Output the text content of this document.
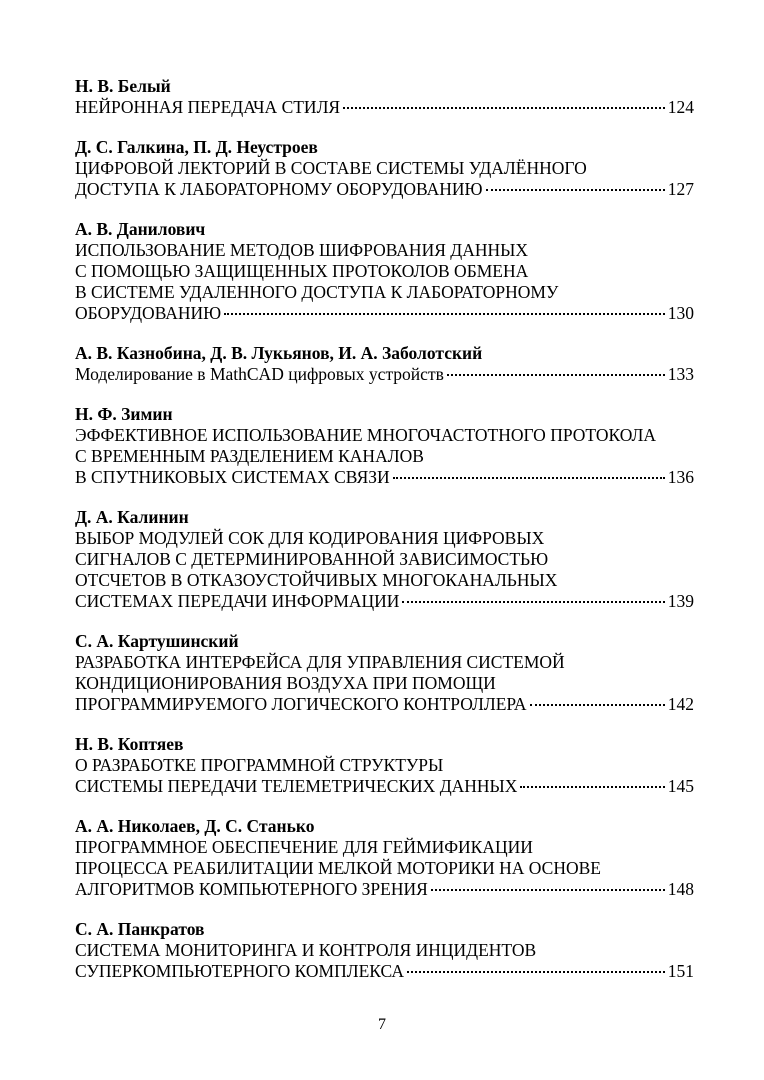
Н. В. Белый
НЕЙРОННАЯ ПЕРЕДАЧА СТИЛЯ	124
Д. С. Галкина, П. Д. Неустроев
ЦИФРОВОЙ ЛЕКТОРИЙ В СОСТАВЕ СИСТЕМЫ УДАЛЁННОГО
ДОСТУПА К ЛАБОРАТОРНОМУ ОБОРУДОВАНИЮ	127
А. В. Данилович
ИСПОЛЬЗОВАНИЕ МЕТОДОВ ШИФРОВАНИЯ ДАННЫХ
С ПОМОЩЬЮ ЗАЩИЩЕННЫХ ПРОТОКОЛОВ ОБМЕНА
В СИСТЕМЕ УДАЛЕННОГО ДОСТУПА К ЛАБОРАТОРНОМУ
ОБОРУДОВАНИЮ	130
А. В. Казнобина, Д. В. Лукьянов, И. А. Заболотский
Моделирование в MathCAD цифровых устройств	133
Н. Ф. Зимин
ЭФФЕКТИВНОЕ ИСПОЛЬЗОВАНИЕ МНОГОЧАСТОТНОГО ПРОТОКОЛА
С ВРЕМЕННЫМ РАЗДЕЛЕНИЕМ КАНАЛОВ
В СПУТНИКОВЫХ СИСТЕМАХ СВЯЗИ	136
Д. А. Калинин
ВЫБОР МОДУЛЕЙ СОК ДЛЯ КОДИРОВАНИЯ ЦИФРОВЫХ
СИГНАЛОВ С ДЕТЕРМИНИРОВАННОЙ ЗАВИСИМОСТЬЮ
ОТСЧЕТОВ В ОТКАЗОУСТОЙЧИВЫХ МНОГОКАНАЛЬНЫХ
СИСТЕМАХ ПЕРЕДАЧИ ИНФОРМАЦИИ	139
С. А. Картушинский
РАЗРАБОТКА ИНТЕРФЕЙСА ДЛЯ УПРАВЛЕНИЯ СИСТЕМОЙ
КОНДИЦИОНИРОВАНИЯ ВОЗДУХА ПРИ ПОМОЩИ
ПРОГРАММИРУЕМОГО ЛОГИЧЕСКОГО КОНТРОЛЛЕРА	142
Н. В. Коптяев
О РАЗРАБОТКЕ ПРОГРАММНОЙ СТРУКТУРЫ
СИСТЕМЫ ПЕРЕДАЧИ ТЕЛЕМЕТРИЧЕСКИХ ДАННЫХ	145
А. А. Николаев, Д. С. Станько
ПРОГРАММНОЕ ОБЕСПЕЧЕНИЕ ДЛЯ ГЕЙМИФИКАЦИИ
ПРОЦЕССА РЕАБИЛИТАЦИИ МЕЛКОЙ МОТОРИКИ НА ОСНОВЕ
АЛГОРИТМОВ КОМПЬЮТЕРНОГО ЗРЕНИЯ	148
С. А. Панкратов
СИСТЕМА МОНИТОРИНГА И КОНТРОЛЯ ИНЦИДЕНТОВ
СУПЕРКОМПЬЮТЕРНОГО КОМПЛЕКСА	151
7
